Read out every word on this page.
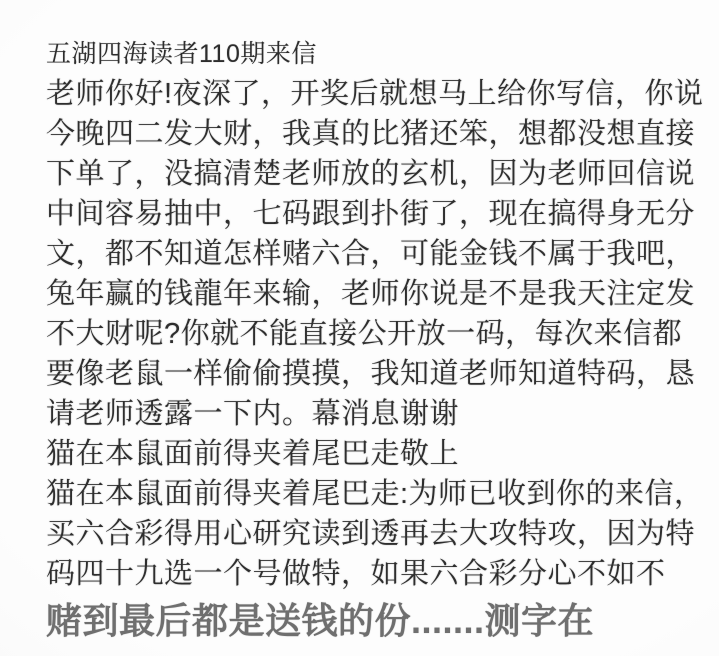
五湖四海读者110期来信
老师你好!夜深了，开奖后就想马上给你写信，你说
今晚四二发大财，我真的比猪还笨，想都没想直接
下单了，没搞清楚老师放的玄机，因为老师回信说
中间容易抽中，七码跟到扑街了，现在搞得身无分
文，都不知道怎样赌六合，可能金钱不属于我吧，
兔年赢的钱龍年来输，老师你说是不是我天注定发
不大财呢?你就不能直接公开放一码，每次来信都
要像老鼠一样偷偷摸摸，我知道老师知道特码，恳
请老师透露一下内。幕消息谢谢
猫在本鼠面前得夹着尾巴走敬上
猫在本鼠面前得夹着尾巴走:为师已收到你的来信，
买六合彩得用心研究读到透再去大攻特攻，因为特
码四十九选一个号做特，如果六合彩分心不如不
赌到最后都是送钱的份.......测字在
